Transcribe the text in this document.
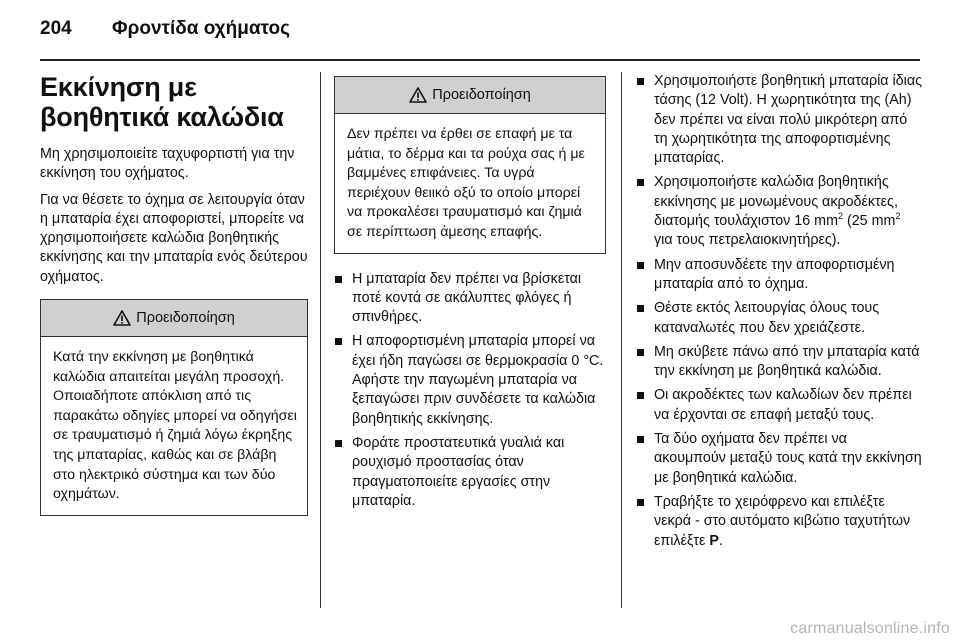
204 Φροντίδα οχήματος
Εκκίνηση με βοηθητικά καλώδια

Μη χρησιμοποιείτε ταχυφορτιστή για την εκκίνηση του οχήματος.

Για να θέσετε το όχημα σε λειτουργία όταν η μπαταρία έχει αποφοριστεί, μπορείτε να χρησιμοποιήσετε καλώδια βοηθητικής εκκίνησης και την μπαταρία ενός δεύτερου οχήματος.

Προειδοποίηση
Κατά την εκκίνηση με βοηθητικά καλώδια απαιτείται μεγάλη προσοχή. Οποιαδήποτε απόκλιση από τις παρακάτω οδηγίες μπορεί να οδηγήσει σε τραυματισμό ή ζημιά λόγω έκρηξης της μπαταρίας, καθώς και σε βλάβη στο ηλεκτρικό σύστημα και των δύο οχημάτων.
Προειδοποίηση
Δεν πρέπει να έρθει σε επαφή με τα μάτια, το δέρμα και τα ρούχα σας ή με βαμμένες επιφάνειες. Τα υγρά περιέχουν θειικό οξύ το οποίο μπορεί να προκαλέσει τραυματισμό και ζημιά σε περίπτωση άμεσης επαφής.
Η μπαταρία δεν πρέπει να βρίσκεται ποτέ κοντά σε ακάλυπτες φλόγες ή σπινθήρες.
Η αποφορτισμένη μπαταρία μπορεί να έχει ήδη παγώσει σε θερμοκρασία 0 °C. Αφήστε την παγωμένη μπαταρία να ξεπαγώσει πριν συνδέσετε τα καλώδια βοηθητικής εκκίνησης.
Φοράτε προστατευτικά γυαλιά και ρουχισμό προστασίας όταν πραγματοποιείτε εργασίες στην μπαταρία.
Χρησιμοποιήστε βοηθητική μπαταρία ίδιας τάσης (12 Volt). Η χωρητικότητα της (Ah) δεν πρέπει να είναι πολύ μικρότερη από τη χωρητικότητα της αποφορτισμένης μπαταρίας.
Χρησιμοποιήστε καλώδια βοηθητικής εκκίνησης με μονωμένους ακροδέκτες, διατομής τουλάχιστον 16 $mm^2$ (25 $mm^2$ για τους πετρελαιοκινητήρες).
Μην αποσυνδέετε την αποφορτισμένη μπαταρία από το όχημα.
Θέστε εκτός λειτουργίας όλους τους καταναλωτές που δεν χρειάζεστε.
Μη σκύβετε πάνω από την μπαταρία κατά την εκκίνηση με βοηθητικά καλώδια.
Οι ακροδέκτες των καλωδίων δεν πρέπει να έρχονται σε επαφή μεταξύ τους.
Τα δύο οχήματα δεν πρέπει να ακουμπούν μεταξύ τους κατά την εκκίνηση με βοηθητικά καλώδια.
Τραβήξτε το χειρόφρενο και επιλέξτε νεκρά - στο αυτόματο κιβώτιο ταχυτήτων επιλέξτε P.
carmanualsonline.info
